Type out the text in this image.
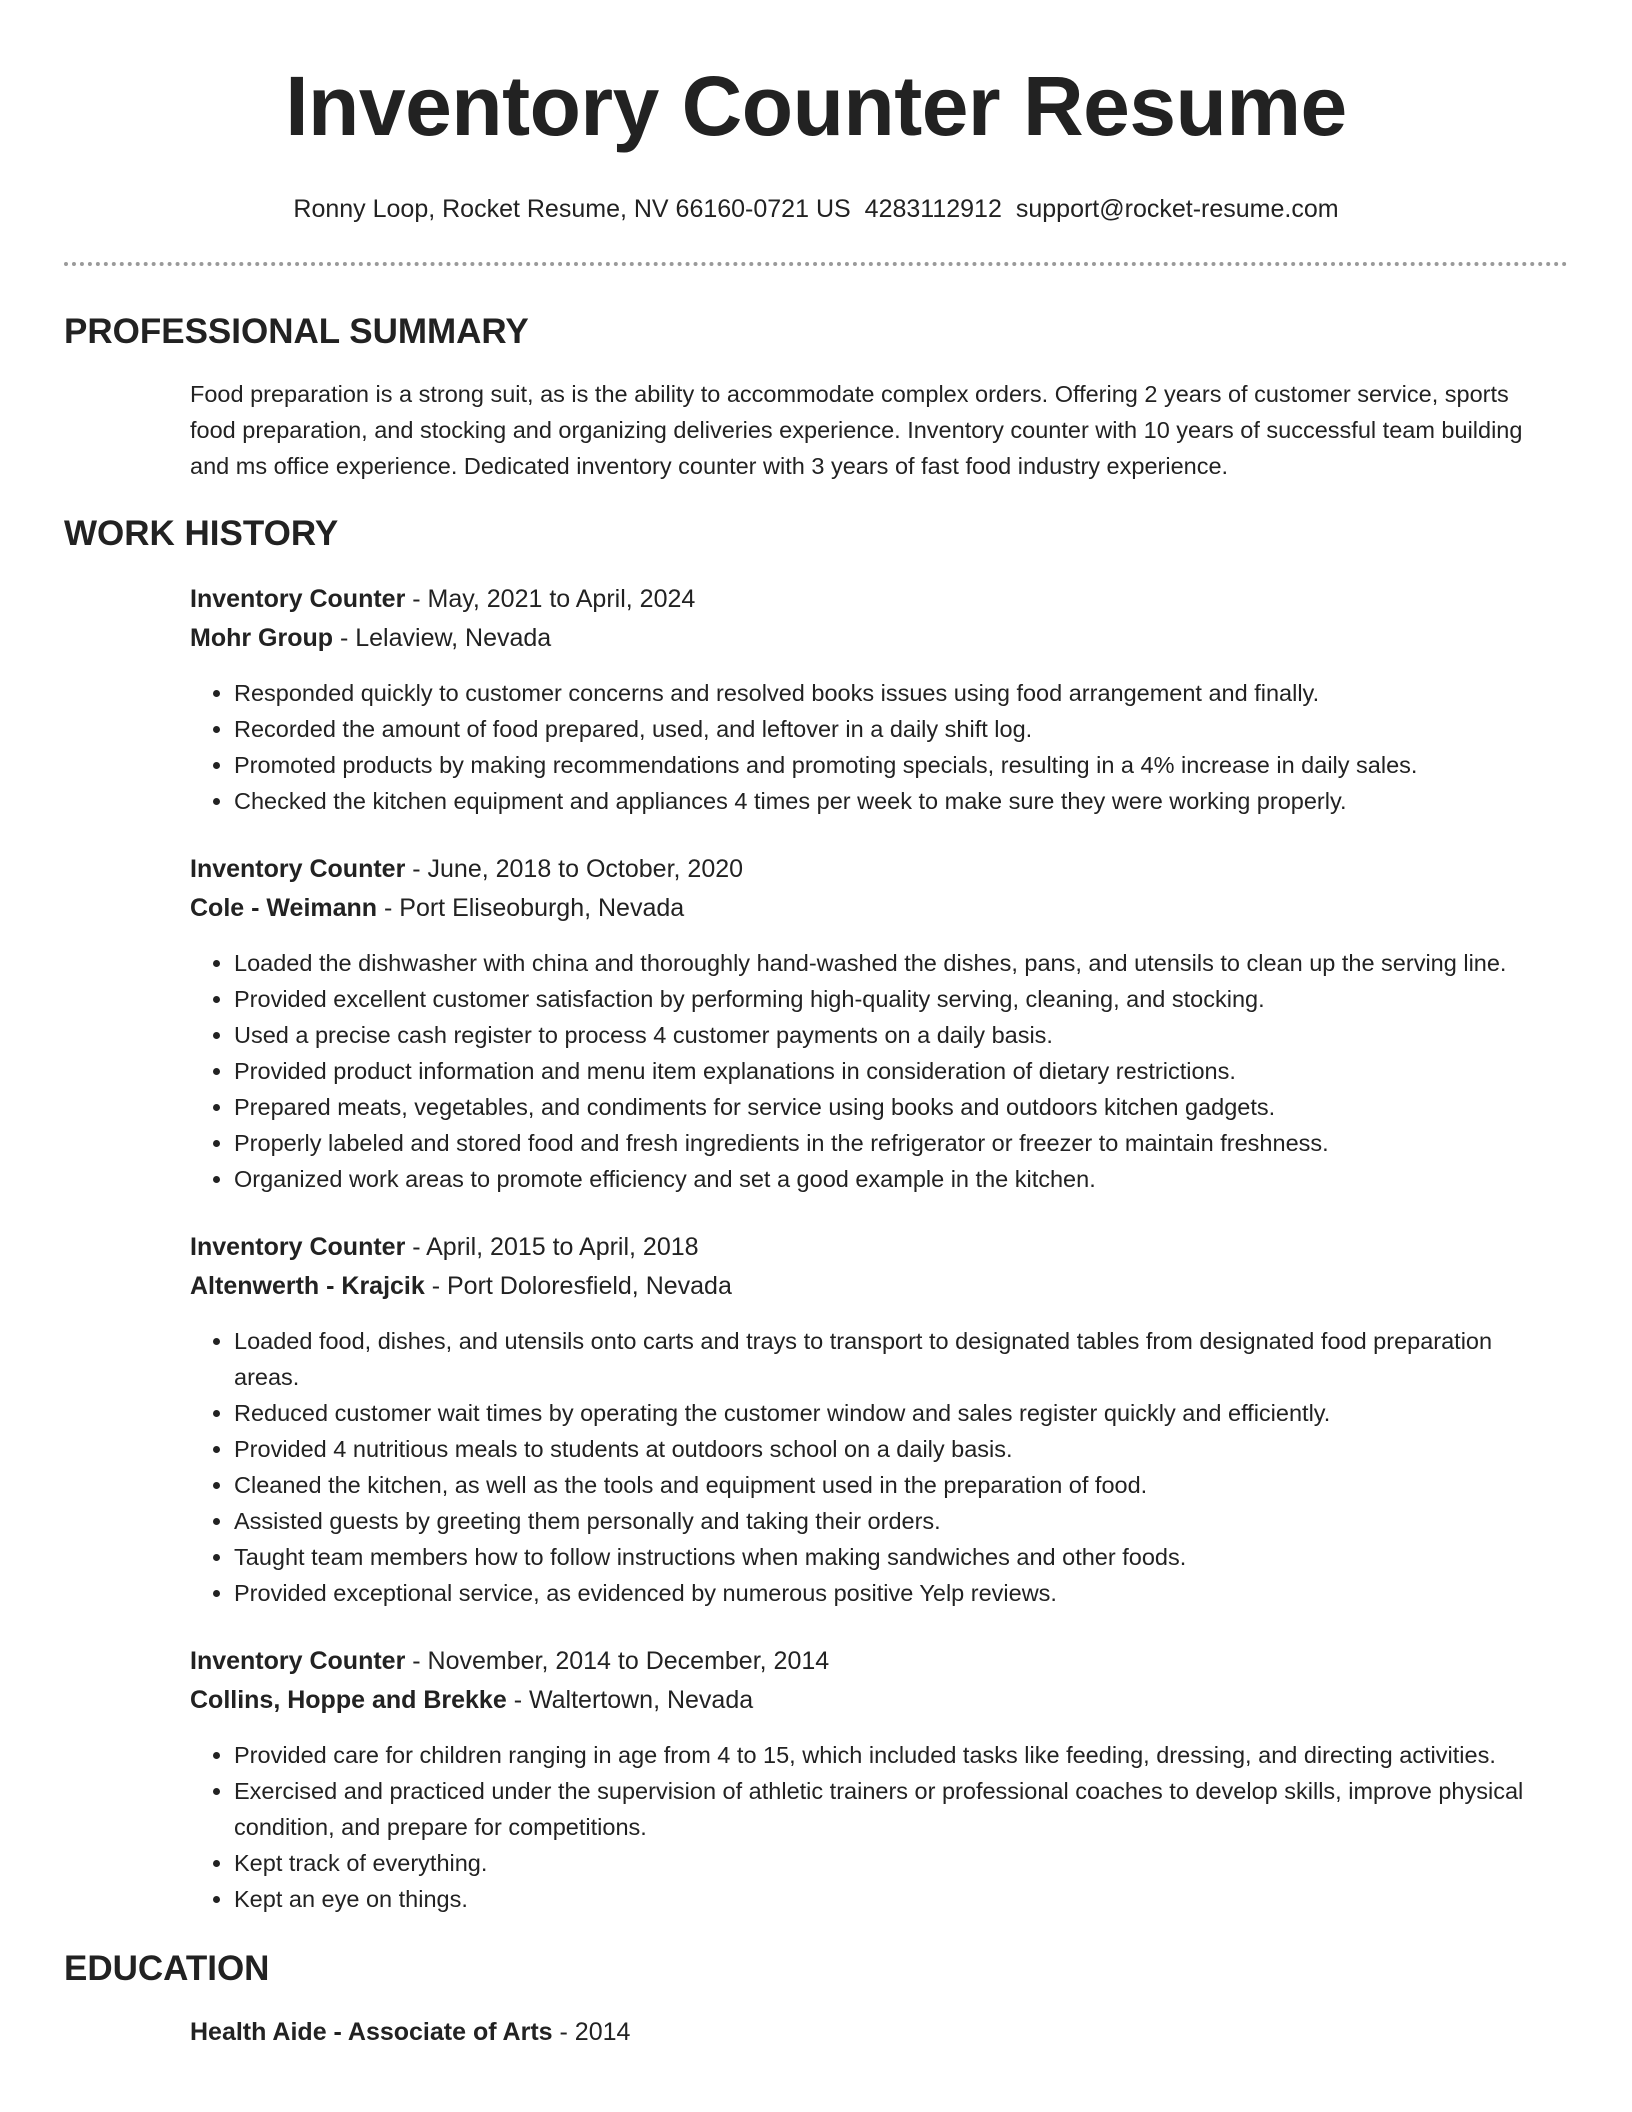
Inventory Counter Resume
Ronny Loop, Rocket Resume, NV 66160-0721 US 4283112912 support@rocket-resume.com
PROFESSIONAL SUMMARY
Food preparation is a strong suit, as is the ability to accommodate complex orders. Offering 2 years of customer service, sports food preparation, and stocking and organizing deliveries experience. Inventory counter with 10 years of successful team building and ms office experience. Dedicated inventory counter with 3 years of fast food industry experience.
WORK HISTORY
Inventory Counter - May, 2021 to April, 2024
Mohr Group - Lelaview, Nevada
• Responded quickly to customer concerns and resolved books issues using food arrangement and finally.
• Recorded the amount of food prepared, used, and leftover in a daily shift log.
• Promoted products by making recommendations and promoting specials, resulting in a 4% increase in daily sales.
• Checked the kitchen equipment and appliances 4 times per week to make sure they were working properly.
Inventory Counter - June, 2018 to October, 2020
Cole - Weimann - Port Eliseoburgh, Nevada
• Loaded the dishwasher with china and thoroughly hand-washed the dishes, pans, and utensils to clean up the serving line.
• Provided excellent customer satisfaction by performing high-quality serving, cleaning, and stocking.
• Used a precise cash register to process 4 customer payments on a daily basis.
• Provided product information and menu item explanations in consideration of dietary restrictions.
• Prepared meats, vegetables, and condiments for service using books and outdoors kitchen gadgets.
• Properly labeled and stored food and fresh ingredients in the refrigerator or freezer to maintain freshness.
• Organized work areas to promote efficiency and set a good example in the kitchen.
Inventory Counter - April, 2015 to April, 2018
Altenwerth - Krajcik - Port Doloresfield, Nevada
• Loaded food, dishes, and utensils onto carts and trays to transport to designated tables from designated food preparation areas.
• Reduced customer wait times by operating the customer window and sales register quickly and efficiently.
• Provided 4 nutritious meals to students at outdoors school on a daily basis.
• Cleaned the kitchen, as well as the tools and equipment used in the preparation of food.
• Assisted guests by greeting them personally and taking their orders.
• Taught team members how to follow instructions when making sandwiches and other foods.
• Provided exceptional service, as evidenced by numerous positive Yelp reviews.
Inventory Counter - November, 2014 to December, 2014
Collins, Hoppe and Brekke - Waltertown, Nevada
• Provided care for children ranging in age from 4 to 15, which included tasks like feeding, dressing, and directing activities.
• Exercised and practiced under the supervision of athletic trainers or professional coaches to develop skills, improve physical condition, and prepare for competitions.
• Kept track of everything.
• Kept an eye on things.
EDUCATION
Health Aide - Associate of Arts - 2014
